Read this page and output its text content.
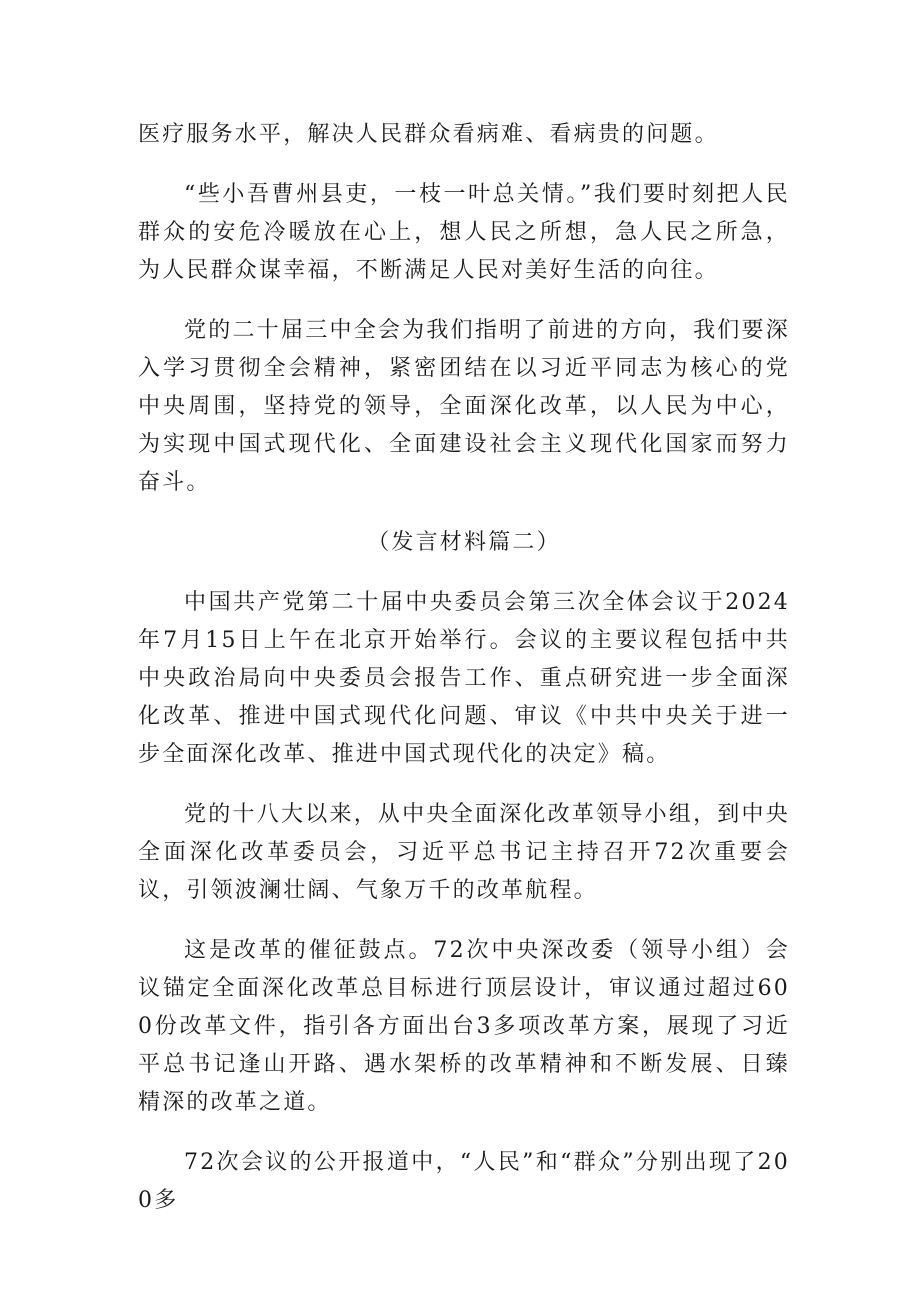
医疗服务水平，解决人民群众看病难、看病贵的问题。

“些小吾曹州县吏，一枝一叶总关情。”我们要时刻把人民群众的安危冷暖放在心上，想人民之所想，急人民之所急，为人民群众谋幸福，不断满足人民对美好生活的向往。

党的二十届三中全会为我们指明了前进的方向，我们要深入学习贯彻全会精神，紧密团结在以习近平同志为核心的党中央周围，坚持党的领导，全面深化改革，以人民为中心，为实现中国式现代化、全面建设社会主义现代化国家而努力奋斗。

（发言材料篇二）

中国共产党第二十届中央委员会第三次全体会议于2024年7月15日上午在北京开始举行。会议的主要议程包括中共中央政治局向中央委员会报告工作、重点研究进一步全面深化改革、推进中国式现代化问题、审议《中共中央关于进一步全面深化改革、推进中国式现代化的决定》稿。

党的十八大以来，从中央全面深化改革领导小组，到中央全面深化改革委员会，习近平总书记主持召开72次重要会议，引领波澜壮阔、气象万千的改革航程。

这是改革的催征鼓点。72次中央深改委（领导小组）会议锚定全面深化改革总目标进行顶层设计，审议通过超过600份改革文件，指引各方面出台3多项改革方案，展现了习近平总书记逢山开路、遇水架桥的改革精神和不断发展、日臻精深的改革之道。

72次会议的公开报道中，“人民”和“群众”分别出现了200多
